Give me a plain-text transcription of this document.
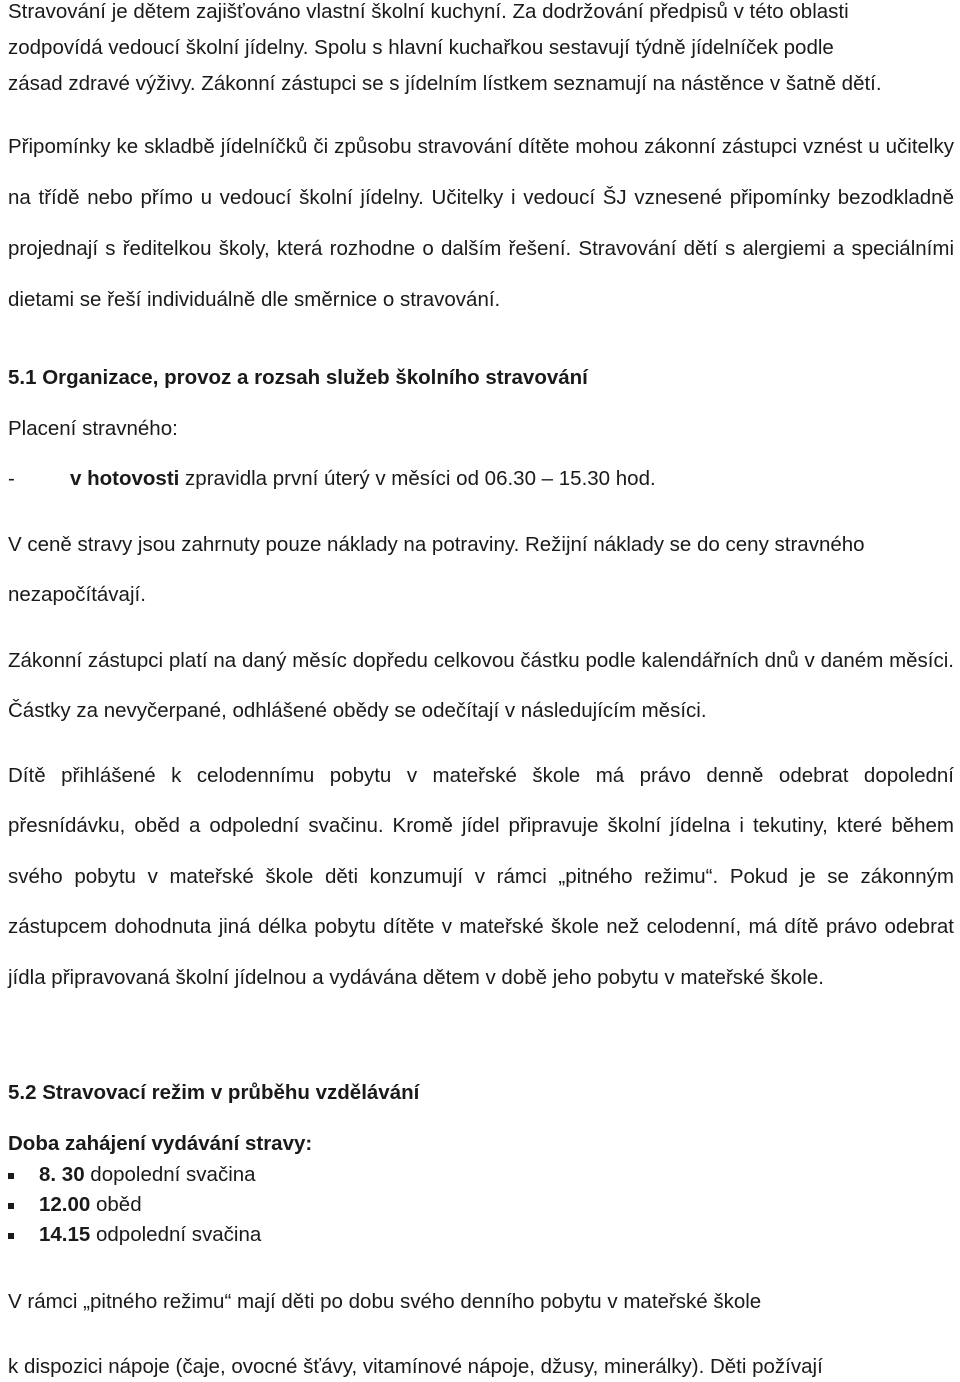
Stravování je dětem zajišťováno vlastní školní kuchyní. Za dodržování předpisů v této oblasti

zodpovídá vedoucí školní jídelny. Spolu s hlavní kuchařkou sestavují týdně jídelníček podle

zásad zdravé výživy. Zákonní zástupci se s jídelním lístkem seznamují na nástěnce v šatně dětí.

Připomínky ke skladbě jídelníčků či způsobu stravování dítěte mohou zákonní zástupci vznést u učitelky na třídě nebo přímo u vedoucí školní jídelny. Učitelky i vedoucí ŠJ vznesené připomínky bezodkladně projednají s ředitelkou školy, která rozhodne o dalším řešení. Stravování dětí s alergiemi a speciálními dietami se řeší individuálně dle směrnice o stravování.

5.1 Organizace, provoz a rozsah služeb školního stravování

Placení stravného:

-	v hotovosti zpravidla první úterý v měsíci od 06.30 – 15.30 hod.

V ceně stravy jsou zahrnuty pouze náklady na potraviny. Režijní náklady se do ceny stravného nezapočítávají.

Zákonní zástupci platí na daný měsíc dopředu celkovou částku podle kalendářních dnů v daném měsíci. Částky za nevyčerpané, odhlášené obědy se odečítají v následujícím měsíci.

Dítě přihlášené k celodennímu pobytu v mateřské škole má právo denně odebrat dopolední přesnídávku, oběd a odpolední svačinu. Kromě jídel připravuje školní jídelna i tekutiny, které během svého pobytu v mateřské škole děti konzumují v rámci „pitného režimu“. Pokud je se zákonným zástupcem dohodnuta jiná délka pobytu dítěte v mateřské škole než celodenní, má dítě právo odebrat jídla připravovaná školní jídelnou a vydávána dětem v době jeho pobytu v mateřské škole.

5.2 Stravovací režim v průběhu vzdělávání

Doba zahájení vydávání stravy:

8. 30 dopolední svačina
12.00 oběd
14.15 odpolední svačina

V rámci „pitného režimu“ mají děti po dobu svého denního pobytu v mateřské škole

k dispozici nápoje (čaje, ovocné šťávy, vitamínové nápoje, džusy, minerálky). Děti požívají
